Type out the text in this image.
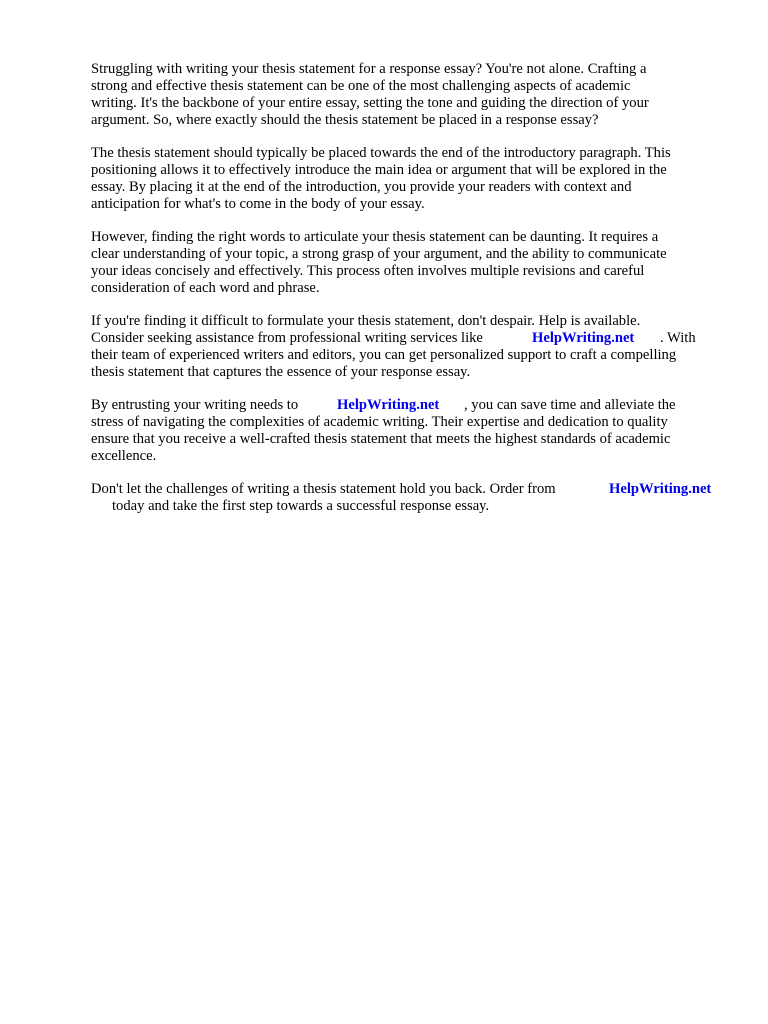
Struggling with writing your thesis statement for a response essay? You're not alone. Crafting a

strong and effective thesis statement can be one of the most challenging aspects of academic

writing. It's the backbone of your entire essay, setting the tone and guiding the direction of your

argument. So, where exactly should the thesis statement be placed in a response essay?

The thesis statement should typically be placed towards the end of the introductory paragraph. This

positioning allows it to effectively introduce the main idea or argument that will be explored in the

essay. By placing it at the end of the introduction, you provide your readers with context and

anticipation for what's to come in the body of your essay.

However, finding the right words to articulate your thesis statement can be daunting. It requires a

clear understanding of your topic, a strong grasp of your argument, and the ability to communicate

your ideas concisely and effectively. This process often involves multiple revisions and careful

consideration of each word and phrase.

If you're finding it difficult to formulate your thesis statement, don't despair. Help is available.

Consider seeking assistance from professional writing services like	HelpWriting.net . With

their team of experienced writers and editors, you can get personalized support to craft a compelling

thesis statement that captures the essence of your response essay.

By entrusting your writing needs to	HelpWriting.net , you can save time and alleviate the

stress of navigating the complexities of academic writing. Their expertise and dedication to quality

ensure that you receive a well-crafted thesis statement that meets the highest standards of academic

excellence.

Don't let the challenges of writing a thesis statement hold you back. Order from	HelpWriting.net
today and take the first step towards a successful response essay.
